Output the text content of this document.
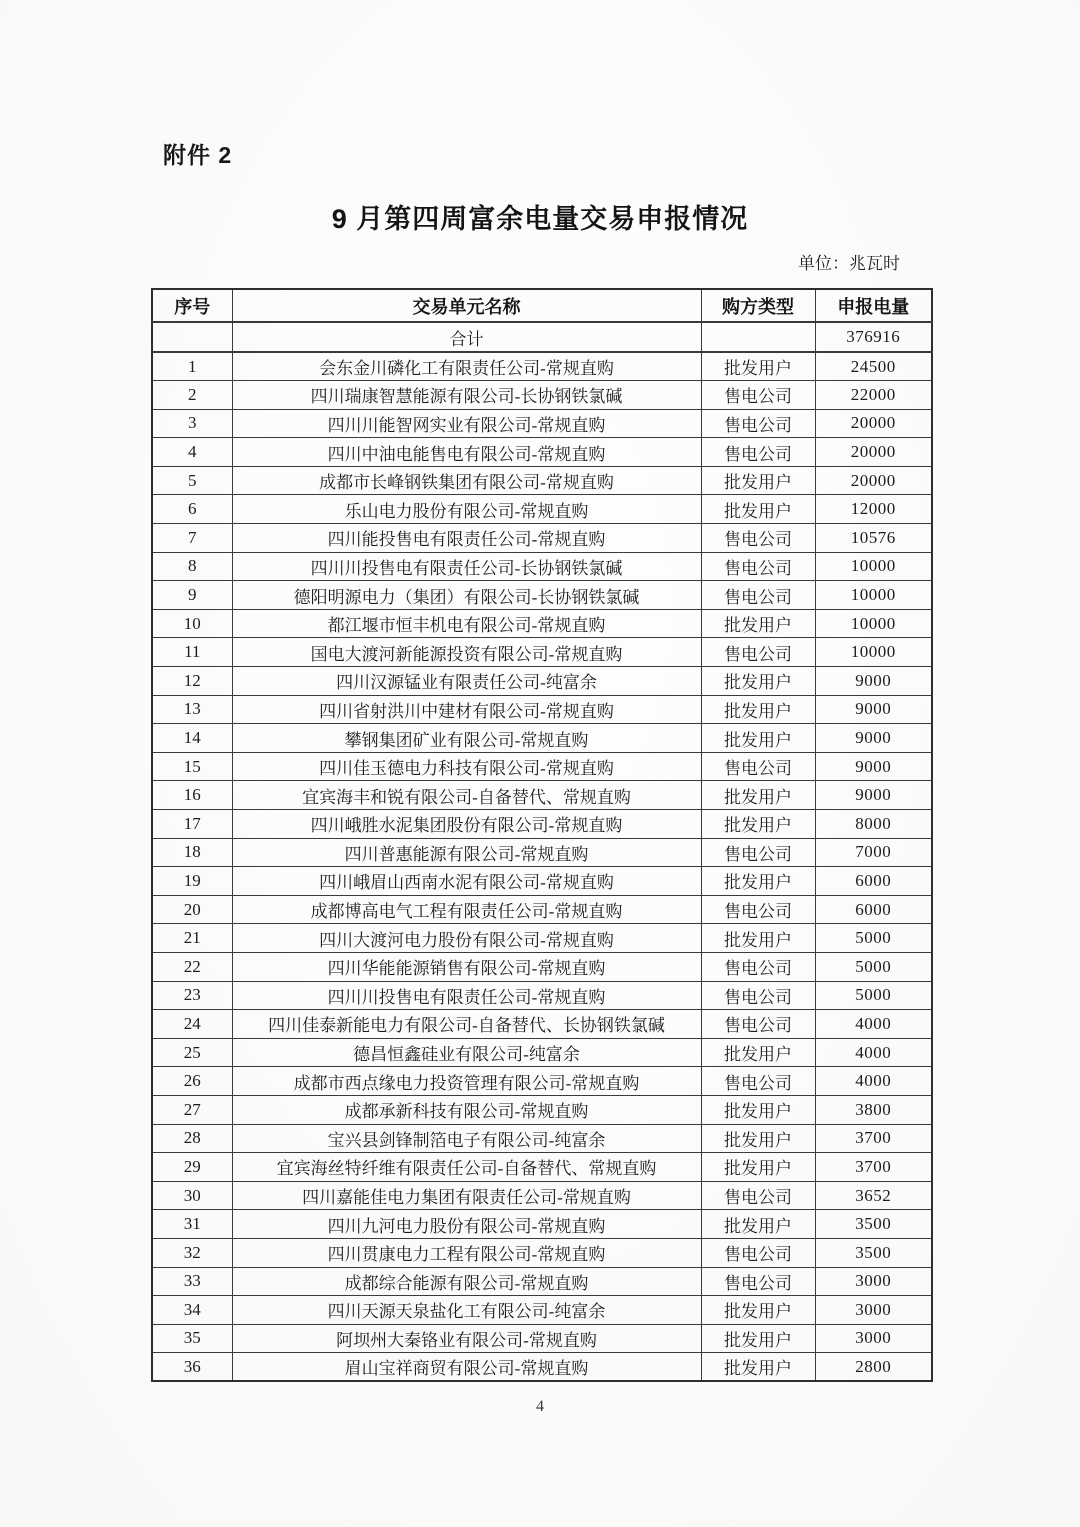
附件 2
9 月第四周富余电量交易申报情况
单位：兆瓦时
序号	交易单元名称	购方类型	申报电量
	合计		376916
1	会东金川磷化工有限责任公司-常规直购	批发用户	24500
2	四川瑞康智慧能源有限公司-长协钢铁氯碱	售电公司	22000
3	四川川能智网实业有限公司-常规直购	售电公司	20000
4	四川中油电能售电有限公司-常规直购	售电公司	20000
5	成都市长峰钢铁集团有限公司-常规直购	批发用户	20000
6	乐山电力股份有限公司-常规直购	批发用户	12000
7	四川能投售电有限责任公司-常规直购	售电公司	10576
8	四川川投售电有限责任公司-长协钢铁氯碱	售电公司	10000
9	德阳明源电力（集团）有限公司-长协钢铁氯碱	售电公司	10000
10	都江堰市恒丰机电有限公司-常规直购	批发用户	10000
11	国电大渡河新能源投资有限公司-常规直购	售电公司	10000
12	四川汉源锰业有限责任公司-纯富余	批发用户	9000
13	四川省射洪川中建材有限公司-常规直购	批发用户	9000
14	攀钢集团矿业有限公司-常规直购	批发用户	9000
15	四川佳玉德电力科技有限公司-常规直购	售电公司	9000
16	宜宾海丰和锐有限公司-自备替代、常规直购	批发用户	9000
17	四川峨胜水泥集团股份有限公司-常规直购	批发用户	8000
18	四川普惠能源有限公司-常规直购	售电公司	7000
19	四川峨眉山西南水泥有限公司-常规直购	批发用户	6000
20	成都博高电气工程有限责任公司-常规直购	售电公司	6000
21	四川大渡河电力股份有限公司-常规直购	批发用户	5000
22	四川华能能源销售有限公司-常规直购	售电公司	5000
23	四川川投售电有限责任公司-常规直购	售电公司	5000
24	四川佳泰新能电力有限公司-自备替代、长协钢铁氯碱	售电公司	4000
25	德昌恒鑫硅业有限公司-纯富余	批发用户	4000
26	成都市西点缘电力投资管理有限公司-常规直购	售电公司	4000
27	成都承新科技有限公司-常规直购	批发用户	3800
28	宝兴县剑锋制箔电子有限公司-纯富余	批发用户	3700
29	宜宾海丝特纤维有限责任公司-自备替代、常规直购	批发用户	3700
30	四川嘉能佳电力集团有限责任公司-常规直购	售电公司	3652
31	四川九河电力股份有限公司-常规直购	批发用户	3500
32	四川贯康电力工程有限公司-常规直购	售电公司	3500
33	成都综合能源有限公司-常规直购	售电公司	3000
34	四川天源天泉盐化工有限公司-纯富余	批发用户	3000
35	阿坝州大秦铬业有限公司-常规直购	批发用户	3000
36	眉山宝祥商贸有限公司-常规直购	批发用户	2800
4
